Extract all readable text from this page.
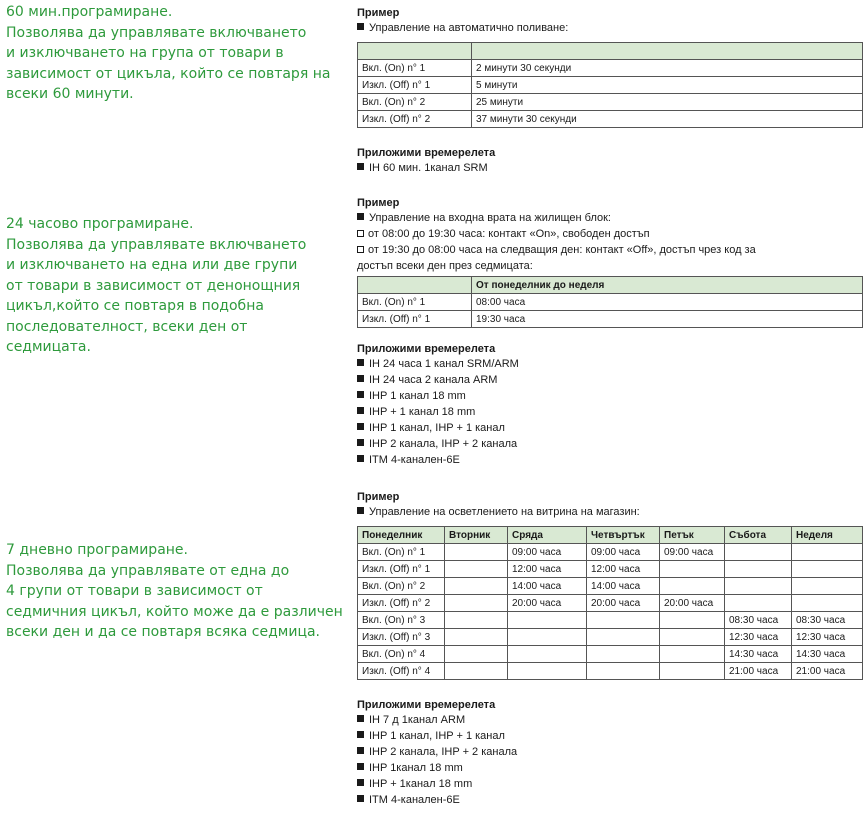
60 мин.програмиране.

Позволява да управлявате включването

и изключването на група от товари в

зависимост от цикъла, който се повтаря на

всеки 60 минути.

24 часово програмиране.

Позволява да управлявате включването

и изключването на една или две групи

от товари в зависимост от денонощния

цикъл,който се повтаря в подобна

последователност, всеки ден от

седмицата.

7 дневно програмиране.

Позволява да управлявате от една до

4 групи от товари в зависимост от

седмичния цикъл, който може да е различен

всеки ден и да се повтаря всяка седмица.

Пример
Управление на автоматично поливане:

Вкл. (On) n° 1	2 минути 30 секунди
Изкл. (Off) n° 1	5 минути
Вкл. (On) n° 2	25 минути
Изкл. (Off) n° 2	37 минути 30 секунди
Приложими времерелета
IH 60 мин. 1канал SRM
Пример
Управление на входна врата на жилищен блок:
от 08:00 до 19:30 часа: контакт «On», свободен достъп
от 19:30 до 08:00 часа на следващия ден: контакт «Off», достъп чрез код за
достъп всеки ден през седмицата:
	От понеделник до неделя
Вкл. (On) n° 1	08:00 часа
Изкл. (Off) n° 1	19:30 часа
Приложими времерелета
IH 24 часа 1 канал SRM/ARM
IH 24 часа 2 канала ARM
IHP 1 канал 18 mm
IHP + 1 канал 18 mm
IHP 1 канал, IHP + 1 канал
IHP 2 канала, IHP + 2 канала
ITM 4-канален-6E
Пример
Управление на осветлението на витрина на магазин:
Понеделник	Вторник	Сряда	Четвъртък	Петък	Събота	Неделя
Вкл. (On) n° 1		09:00 часа	09:00 часа	09:00 часа		
Изкл. (Off) n° 1		12:00 часа	12:00 часа			
Вкл. (On) n° 2		14:00 часа	14:00 часа			
Изкл. (Off) n° 2		20:00 часа	20:00 часа	20:00 часа		
Вкл. (On) n° 3					08:30 часа	08:30 часа
Изкл. (Off) n° 3					12:30 часа	12:30 часа
Вкл. (On) n° 4					14:30 часа	14:30 часа
Изкл. (Off) n° 4					21:00 часа	21:00 часа
Приложими времерелета
IH 7 д 1канал ARM
IHP 1 канал, IHP + 1 канал
IHP 2 канала, IHP + 2 канала
IHP 1канал 18 mm
IHP + 1канал 18 mm
ITM 4-канален-6E
